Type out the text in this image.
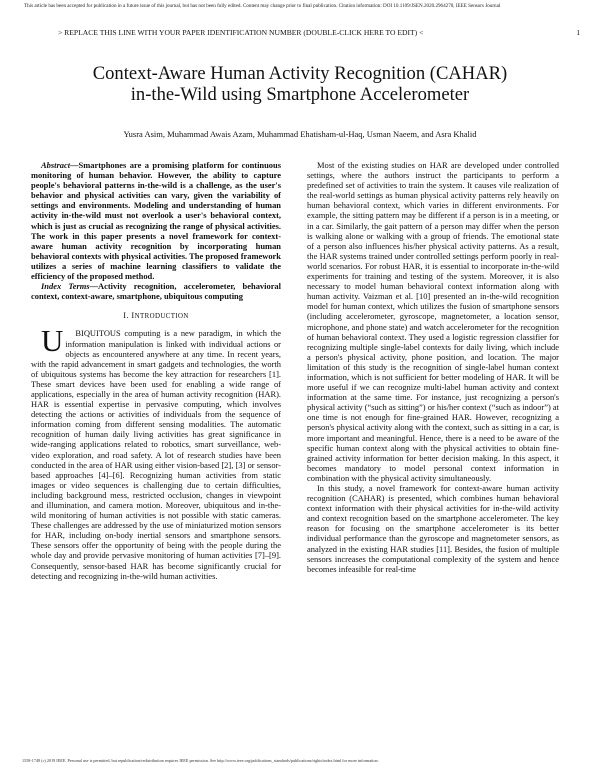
This article has been accepted for publication in a future issue of this journal, but has not been fully edited. Content may change prior to final publication. Citation information: DOI 10.1109/JSEN.2020.2964278, IEEE Sensors Journal
> REPLACE THIS LINE WITH YOUR PAPER IDENTIFICATION NUMBER (DOUBLE-CLICK HERE TO EDIT) <	1
Context-Aware Human Activity Recognition (CAHAR)
in-the-Wild using Smartphone Accelerometer
Yusra Asim, Muhammad Awais Azam, Muhammad Ehatisham-ul-Haq, Usman Naeem, and Asra Khalid

Abstract—Smartphones are a promising platform for continuous monitoring of human behavior. However, the ability to capture people's behavioral patterns in-the-wild is a challenge, as the user's behavior and physical activities can vary, given the variability of settings and environments. Modeling and understanding of human activity in-the-wild must not overlook a user's behavioral context, which is just as crucial as recognizing the range of physical activities. The work in this paper presents a novel framework for context-aware human activity recognition by incorporating human behavioral contexts with physical activities. The proposed framework utilizes a series of machine learning classifiers to validate the efficiency of the proposed method.

Index Terms—Activity recognition, accelerometer, behavioral context, context-aware, smartphone, ubiquitous computing

I. INTRODUCTION

U BIQUITOUS computing is a new paradigm, in which the information manipulation is linked with individual actions or objects as encountered anywhere at any time. In recent years, with the rapid advancement in smart gadgets and technologies, the worth of ubiquitous systems has become the key attraction for researchers [1]. These smart devices have been used for enabling a wide range of applications, especially in the area of human activity recognition (HAR). HAR is essential expertise in pervasive computing, which involves detecting the actions or activities of individuals from the sequence of information coming from different sensing modalities. The automatic recognition of human daily living activities has great significance in wide-ranging applications related to robotics, smart surveillance, web-video exploration, and road safety. A lot of research studies have been conducted in the area of HAR using either vision-based [2], [3] or sensor-based approaches [4]–[6]. Recognizing human activities from static images or video sequences is challenging due to certain difficulties, including background mess, restricted occlusion, changes in viewpoint and illumination, and camera motion. Moreover, ubiquitous and in-the-wild monitoring of human activities is not possible with static cameras. These challenges are addressed by the use of miniaturized motion sensors for HAR, including on-body inertial sensors and smartphone sensors. These sensors offer the opportunity of being with the people during the whole day and provide pervasive monitoring of human activities [7]–[9]. Consequently, sensor-based HAR has become significantly crucial for detecting and recognizing in-the-wild human activities.

Most of the existing studies on HAR are developed under controlled settings, where the authors instruct the participants to perform a predefined set of activities to train the system. It causes vile realization of the real-world settings as human physical activity patterns rely heavily on human behavioral context, which varies in different environments. For example, the sitting pattern may be different if a person is in a meeting, or in a car. Similarly, the gait pattern of a person may differ when the person is walking alone or walking with a group of friends. The emotional state of a person also influences his/her physical activity patterns. As a result, the HAR systems trained under controlled settings perform poorly in real-world scenarios. For robust HAR, it is essential to incorporate in-the-wild experiments for training and testing of the system. Moreover, it is also necessary to model human behavioral context information along with human activity. Vaizman et al. [10] presented an in-the-wild recognition model for human context, which utilizes the fusion of smartphone sensors (including accelerometer, gyroscope, magnetometer, a location sensor, microphone, and phone state) and watch accelerometer for the recognition of human behavioral context. They used a logistic regression classifier for recognizing multiple single-label contexts for daily living, which include a person's physical activity, phone position, and location. The major limitation of this study is the recognition of single-label human context information, which is not sufficient for better modeling of HAR. It will be more useful if we can recognize multi-label human activity and context information at the same time. For instance, just recognizing a person's physical activity (“such as sitting”) or his/her context (“such as indoor”) at one time is not enough for fine-grained HAR. However, recognizing a person's physical activity along with the context, such as sitting in a car, is more important and meaningful. Hence, there is a need to be aware of the specific human context along with the physical activities to obtain fine-grained activity information for better decision making. In this aspect, it becomes mandatory to model personal context information in combination with the physical activity simultaneously.

In this study, a novel framework for context-aware human activity recognition (CAHAR) is presented, which combines human behavioral context information with their physical activities for in-the-wild activity and context recognition based on the smartphone accelerometer. The key reason for focusing on the smartphone accelerometer is its better individual performance than the gyroscope and magnetometer sensors, as analyzed in the existing HAR studies [11]. Besides, the fusion of multiple sensors increases the computational complexity of the system and hence becomes infeasible for real-time

1558-1748 (c) 2019 IEEE. Personal use is permitted, but republication/redistribution requires IEEE permission. See http://www.ieee.org/publications_standards/publications/rights/index.html for more information.
